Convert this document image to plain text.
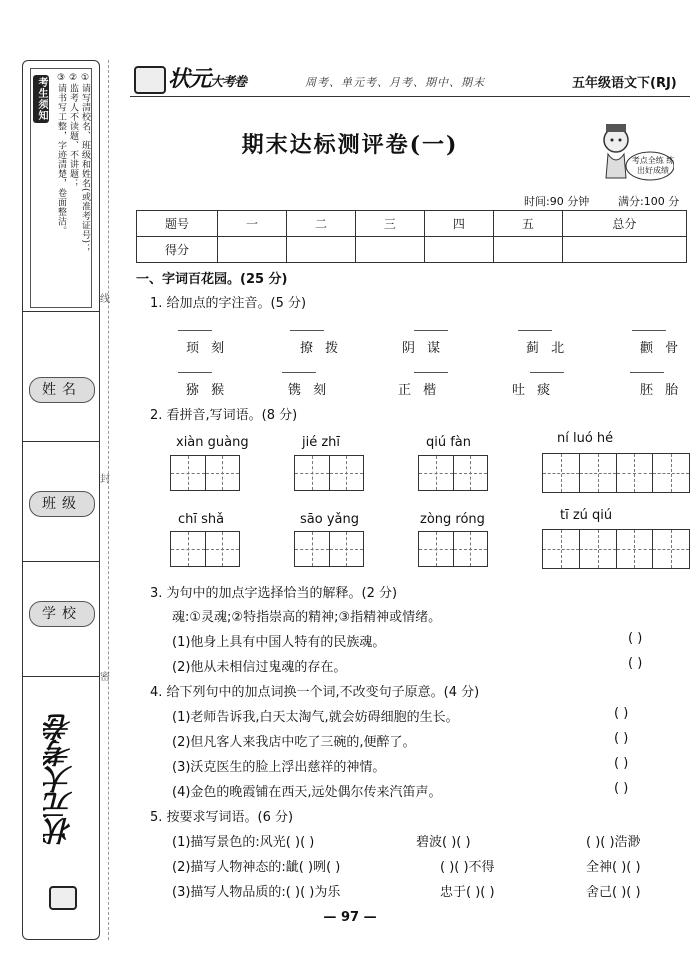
姓名
班级
学校
考生须知	①请写清校名、班级和姓名(或准考证号)；
②监考人不读题、不讲题；
③请书写工整，字迹清楚，卷面整洁。
状元大考卷
线
封
密
状元大考卷	周考、单元考、月考、期中、期末	五年级语文下(RJ)
期末达标测评卷(一)
考点全练 练出好成绩
时间:90 分钟	满分:100 分
题号	一	二	三	四	五	总分
得分						
一、字词百花园。(25 分)
1. 给加点的字注音。(5 分)
顼 刻	撩 拨	阴 谋	蓟 北	颧 骨
猕 猴	镌 刻	正 楷	吐 痰	胚 胎
2. 看拼音,写词语。(8 分)
xiàn guàng	jié zhī	qiú fàn	ní luó hé
chī shǎ	sāo yǎng	zòng róng	tī zú qiú
3. 为句中的加点字选择恰当的解释。(2 分)
魂:①灵魂;②特指崇高的精神;③指精神或情绪。
(1)他身上具有中国人特有的民族魂。	( )
(2)他从未相信过鬼魂的存在。	( )
4. 给下列句中的加点词换一个词,不改变句子原意。(4 分)
(1)老师告诉我,白天太淘气,就会妨碍细胞的生长。	( )
(2)但凡客人来我店中吃了三碗的,便醉了。	( )
(3)沃克医生的脸上浮出慈祥的神情。	( )
(4)金色的晚霞铺在西天,远处偶尔传来汽笛声。	( )
5. 按要求写词语。(6 分)
(1)描写景色的:风光( )( )	碧波( )( )	( )( )浩渺
(2)描写人物神态的:龇( )咧( )	( )( )不得	全神( )( )
(3)描写人物品质的:( )( )为乐	忠于( )( )	舍己( )( )
— 97 —
